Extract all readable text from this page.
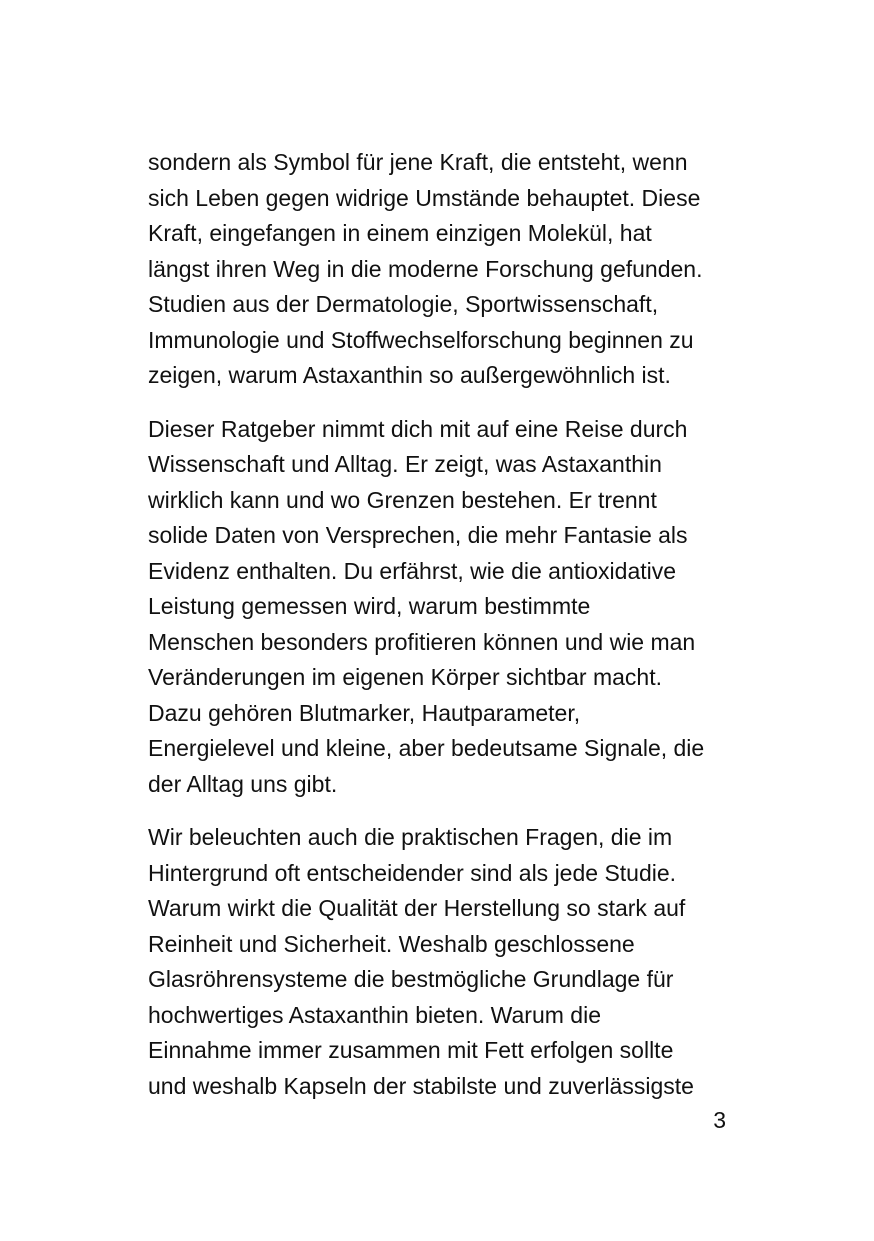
sondern als Symbol für jene Kraft, die entsteht, wenn
sich Leben gegen widrige Umstände behauptet. Diese
Kraft, eingefangen in einem einzigen Molekül, hat
längst ihren Weg in die moderne Forschung gefunden.
Studien aus der Dermatologie, Sportwissenschaft,
Immunologie und Stoffwechselforschung beginnen zu
zeigen, warum Astaxanthin so außergewöhnlich ist.

Dieser Ratgeber nimmt dich mit auf eine Reise durch
Wissenschaft und Alltag. Er zeigt, was Astaxanthin
wirklich kann und wo Grenzen bestehen. Er trennt
solide Daten von Versprechen, die mehr Fantasie als
Evidenz enthalten. Du erfährst, wie die antioxidative
Leistung gemessen wird, warum bestimmte
Menschen besonders profitieren können und wie man
Veränderungen im eigenen Körper sichtbar macht.
Dazu gehören Blutmarker, Hautparameter,
Energielevel und kleine, aber bedeutsame Signale, die
der Alltag uns gibt.

Wir beleuchten auch die praktischen Fragen, die im
Hintergrund oft entscheidender sind als jede Studie.
Warum wirkt die Qualität der Herstellung so stark auf
Reinheit und Sicherheit. Weshalb geschlossene
Glasröhrensysteme die bestmögliche Grundlage für
hochwertiges Astaxanthin bieten. Warum die
Einnahme immer zusammen mit Fett erfolgen sollte
und weshalb Kapseln der stabilste und zuverlässigste

3
